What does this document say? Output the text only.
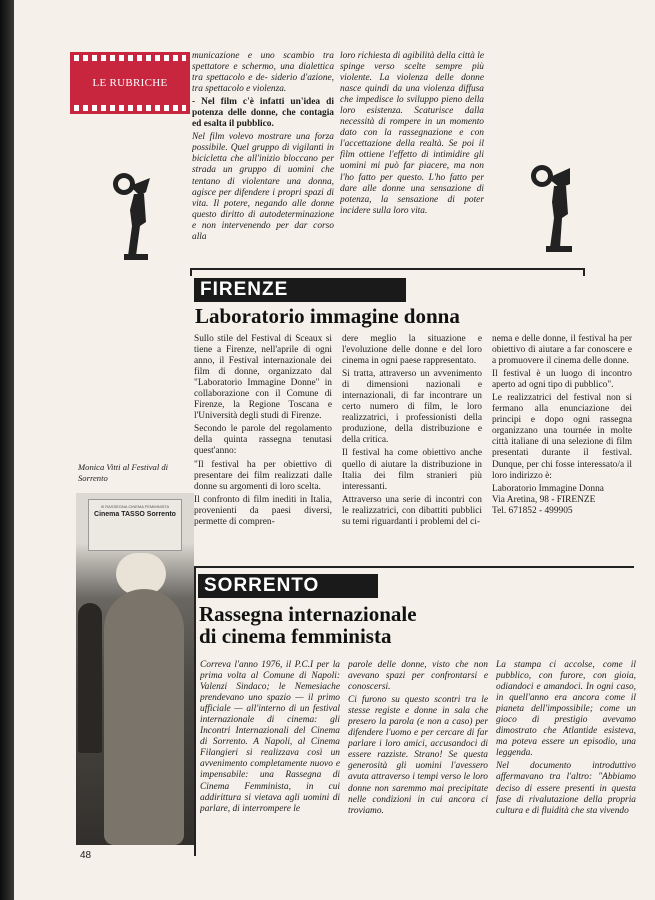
LE RUBRICHE

municazione e uno scambio tra spettatore e schermo, una dialettica tra spettacolo e de- siderio d'azione, tra spettacolo e violenza.

- Nel film c'è infatti un'idea di potenza delle donne, che contagia ed esalta il pubblico.

Nel film volevo mostrare una forza possibile. Quel gruppo di vigilanti in bicicletta che all'inizio bloccano per strada un gruppo di uomini che tentano di violentare una donna, agisce per difendere i propri spazi di vita. Il potere, negando alle donne questo diritto di autodeterminazione e non intervenendo per dar corso alla

loro richiesta di agibilità della città le spinge verso scelte sempre più violente. La violenza delle donne nasce quindi da una violenza diffusa che impedisce lo sviluppo pieno della loro esistenza. Scaturisce dalla necessità di rompere in un momento dato con la rassegnazione e con l'accettazione della realtà. Se poi il film ottiene l'effetto di intimidire gli uomini mi può far piacere, ma non l'ho fatto per questo. L'ho fatto per dare alle donne una sensazione di potenza, la sensazione di poter incidere sulla loro vita.

FIRENZE
Laboratorio immagine donna

Sullo stile del Festival di Sceaux si tiene a Firenze, nell'aprile di ogni anno, il Festival internazionale dei film di donne, organizzato dal "Laboratorio Immagine Donne" in collaborazione con il Comune di Firenze, la Regione Toscana e l'Università degli studi di Firenze.

Secondo le parole del regolamento della quinta rassegna tenutasi quest'anno:

"Il festival ha per obiettivo di presentare dei film realizzati dalle donne su argomenti di loro scelta.

Il confronto di film inediti in Italia, provenienti da paesi diversi, permette di compren-

dere meglio la situazione e l'evoluzione delle donne e del loro cinema in ogni paese rappresentato.

Si tratta, attraverso un avvenimento di dimensioni nazionali e internazionali, di far incontrare un certo numero di film, le loro realizzatrici, i professionisti della produzione, della distribuzione e della critica.

Il festival ha come obiettivo anche quello di aiutare la distribuzione in Italia dei film stranieri più interessanti.

Attraverso una serie di incontri con le realizzatrici, con dibattiti pubblici su temi riguardanti i problemi del ci-

nema e delle donne, il festival ha per obiettivo di aiutare a far conoscere e a promuovere il cinema delle donne.

Il festival è un luogo di incontro aperto ad ogni tipo di pubblico".

Le realizzatrici del festival non si fermano alla enunciazione dei principi e dopo ogni rassegna organizzano una tournée in molte città italiane di una selezione di film presentati durante il festival. Dunque, per chi fosse interessato/a il loro indirizzo è:

Laboratorio Immagine Donna

Via Aretina, 98 - FIRENZE

Tel. 671852 - 499905

Monica Vitti al Festival di Sorrento
III RASSEGNA CINEMA FEMMINISTA
Cinema TASSO Sorrento
SORRENTO
Rassegna internazionale
di cinema femminista

Correva l'anno 1976, il P.C.I per la prima volta al Comune di Napoli: Valenzi Sindaco; le Nemesiache prendevano uno spazio — il primo ufficiale — all'interno di un festival internazionale di cinema: gli Incontri Internazionali del Cinema di Sorrento. A Napoli, al Cinema Filangieri si realizzava così un avvenimento completamente nuovo e impensabile: una Rassegna di Cinema Femminista, in cui addirittura si vietava agli uomini di parlare, di interrompere le

parole delle donne, visto che non avevano spazi per confrontarsi e conoscersi.

Ci furono su questo scontri tra le stesse registe e donne in sala che presero la parola (e non a caso) per difendere l'uomo e per cercare di far parlare i loro amici, accusandoci di essere razziste. Strano! Se questa generosità gli uomini l'avessero avuta attraverso i tempi verso le loro donne non saremmo mai precipitate nelle condizioni in cui ancora ci troviamo.

La stampa ci accolse, come il pubblico, con furore, con gioia, odiandoci e amandoci. In ogni caso, in quell'anno era ancora come il pianeta dell'impossibile; come un gioco di prestigio avevamo dimostrato che Atlantide esisteva, ma poteva essere un episodio, una leggenda.

Nel documento introduttivo affermavano tra l'altro: "Abbiamo deciso di essere presenti in questa fase di rivalutazione della propria cultura e di fluidità che sta vivendo

48
